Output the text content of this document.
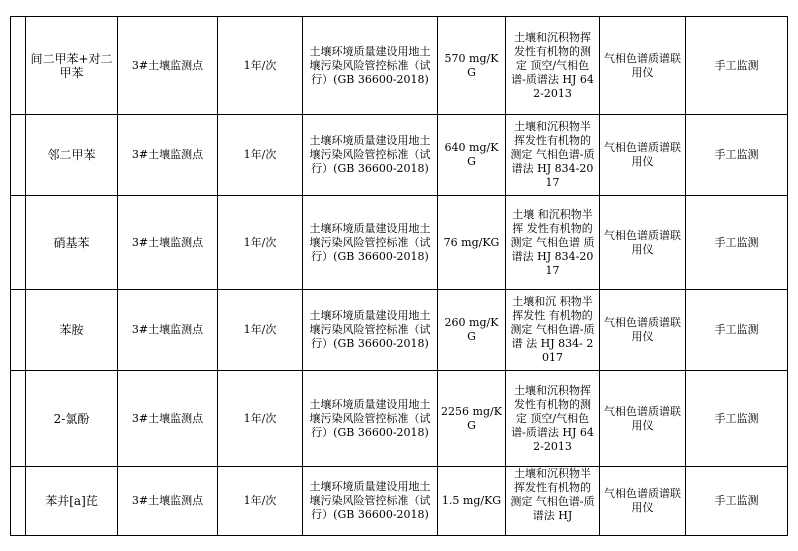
	间二甲苯+对二甲苯	3#土壤监测点	1年/次	土壤环境质量建设用地土壤污染风险管控标准（试行）(GB 36600-2018)	570 mg/KG	土壤和沉积物挥发性有机物的测定 顶空/气相色谱-质谱法 HJ 642-2013	气相色谱质谱联用仪	手工监测
	邻二甲苯	3#土壤监测点	1年/次	土壤环境质量建设用地土壤污染风险管控标准（试行）(GB 36600-2018)	640 mg/KG	土壤和沉积物半挥发性有机物的测定 气相色谱-质谱法 HJ 834-2017	气相色谱质谱联用仪	手工监测
	硝基苯	3#土壤监测点	1年/次	土壤环境质量建设用地土壤污染风险管控标准（试行）(GB 36600-2018)	76 mg/KG	土壤 和沉积物半挥 发性有机物的 测定 气相色谱 质谱法 HJ 834-2017	气相色谱质谱联用仪	手工监测
	苯胺	3#土壤监测点	1年/次	土壤环境质量建设用地土壤污染风险管控标准（试行）(GB 36600-2018)	260 mg/KG	土壤和沉 积物半挥发性 有机物的测定 气相色谱-质谱 法 HJ 834- 2017	气相色谱质谱联用仪	手工监测
	2-氯酚	3#土壤监测点	1年/次	土壤环境质量建设用地土壤污染风险管控标准（试行）(GB 36600-2018)	2256 mg/KG	土壤和沉积物挥发性有机物的测定 顶空/气相色谱-质谱法 HJ 642-2013	气相色谱质谱联用仪	手工监测
	苯并[a]芘	3#土壤监测点	1年/次	土壤环境质量建设用地土壤污染风险管控标准（试行）(GB 36600-2018)	1.5 mg/KG	土壤和沉积物半挥发性有机物的测定 气相色谱-质谱法 HJ	气相色谱质谱联用仪	手工监测
